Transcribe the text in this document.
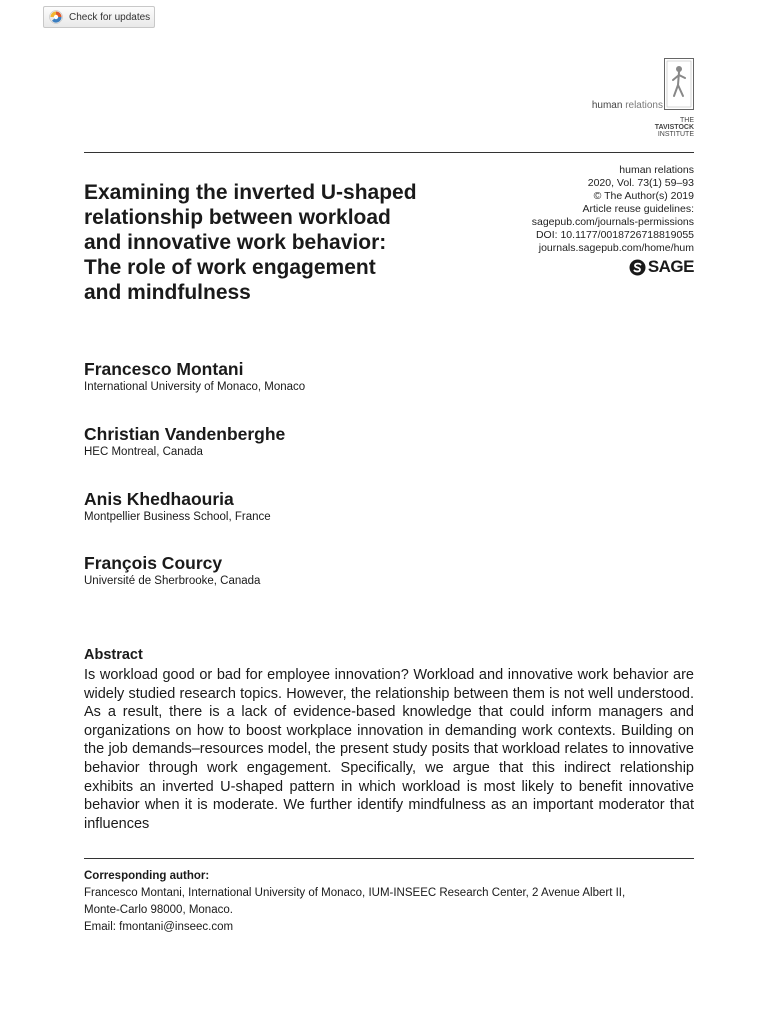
Check for updates
human relations
THE
TAVISTOCK
INSTITUTE
human relations
2020, Vol. 73(1) 59–93
© The Author(s) 2019
Article reuse guidelines:
sagepub.com/journals-permissions
DOI: 10.1177/0018726718819055
journals.sagepub.com/home/hum
SAGE
Examining the inverted U-shaped
relationship between workload
and innovative work behavior:
The role of work engagement
and mindfulness
Francesco Montani
International University of Monaco, Monaco
Christian Vandenberghe
HEC Montreal, Canada
Anis Khedhaouria
Montpellier Business School, France
François Courcy
Université de Sherbrooke, Canada
Abstract
Is workload good or bad for employee innovation? Workload and innovative work behavior are widely studied research topics. However, the relationship between them is not well understood. As a result, there is a lack of evidence-based knowledge that could inform managers and organizations on how to boost workplace innovation in demanding work contexts. Building on the job demands–resources model, the present study posits that workload relates to innovative behavior through work engagement. Specifically, we argue that this indirect relationship exhibits an inverted U-shaped pattern in which workload is most likely to benefit innovative behavior when it is moderate. We further identify mindfulness as an important moderator that influences
Corresponding author:
Francesco Montani, International University of Monaco, IUM-INSEEC Research Center, 2 Avenue Albert II,
Monte-Carlo 98000, Monaco.
Email: fmontani@inseec.com
